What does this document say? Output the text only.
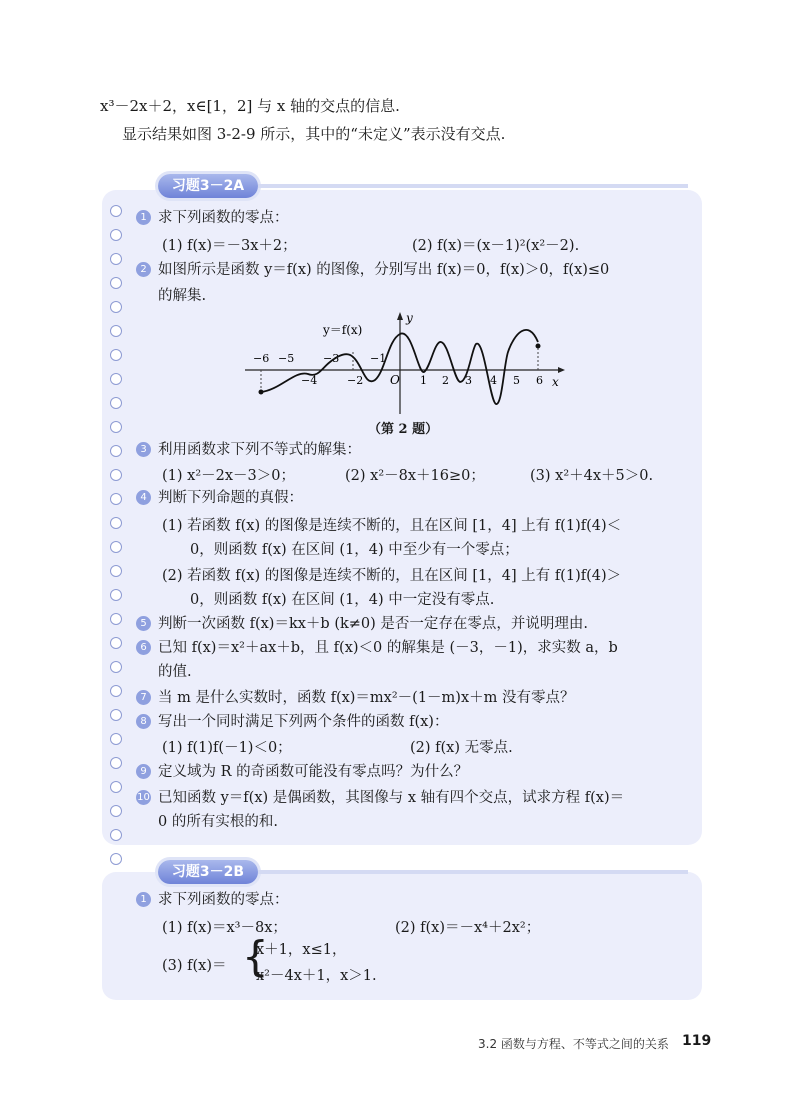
x³－2x＋2，x∈[1，2] 与 x 轴的交点的信息.
显示结果如图 3-2-9 所示，其中的“未定义”表示没有交点.
习题3－2A
1 求下列函数的零点：
(1) f(x)＝－3x＋2；	(2) f(x)＝(x－1)²(x²－2).
2 如图所示是函数 y＝f(x) 的图像，分别写出 f(x)＝0，f(x)＞0，f(x)≤0
的解集.
y
x
y＝f(x)
O
−6 −5	−3	−1
−4	−2	1 2 3 4 5 6
（第 2 题）
3 利用函数求下列不等式的解集：
(1) x²－2x－3＞0；	(2) x²－8x＋16≥0；	(3) x²＋4x＋5＞0.
4 判断下列命题的真假：
(1) 若函数 f(x) 的图像是连续不断的，且在区间 [1，4] 上有 f(1)f(4)＜
0，则函数 f(x) 在区间 (1，4) 中至少有一个零点；
(2) 若函数 f(x) 的图像是连续不断的，且在区间 [1，4] 上有 f(1)f(4)＞
0，则函数 f(x) 在区间 (1，4) 中一定没有零点.
5 判断一次函数 f(x)＝kx＋b (k≠0) 是否一定存在零点，并说明理由.
6 已知 f(x)＝x²＋ax＋b，且 f(x)＜0 的解集是 (－3，－1)，求实数 a，b
的值.
7 当 m 是什么实数时，函数 f(x)＝mx²－(1－m)x＋m 没有零点？
8 写出一个同时满足下列两个条件的函数 f(x)：
(1) f(1)f(－1)＜0；	(2) f(x) 无零点.
9 定义域为 R 的奇函数可能没有零点吗？为什么？
10 已知函数 y＝f(x) 是偶函数，其图像与 x 轴有四个交点，试求方程 f(x)＝
0 的所有实根的和.
习题3－2B
1 求下列函数的零点：
(1) f(x)＝x³－8x；	(2) f(x)＝－x⁴＋2x²；
(3) f(x)＝ {
x＋1，x≤1，
x²－4x＋1，x＞1.
3.2 函数与方程、不等式之间的关系 119
